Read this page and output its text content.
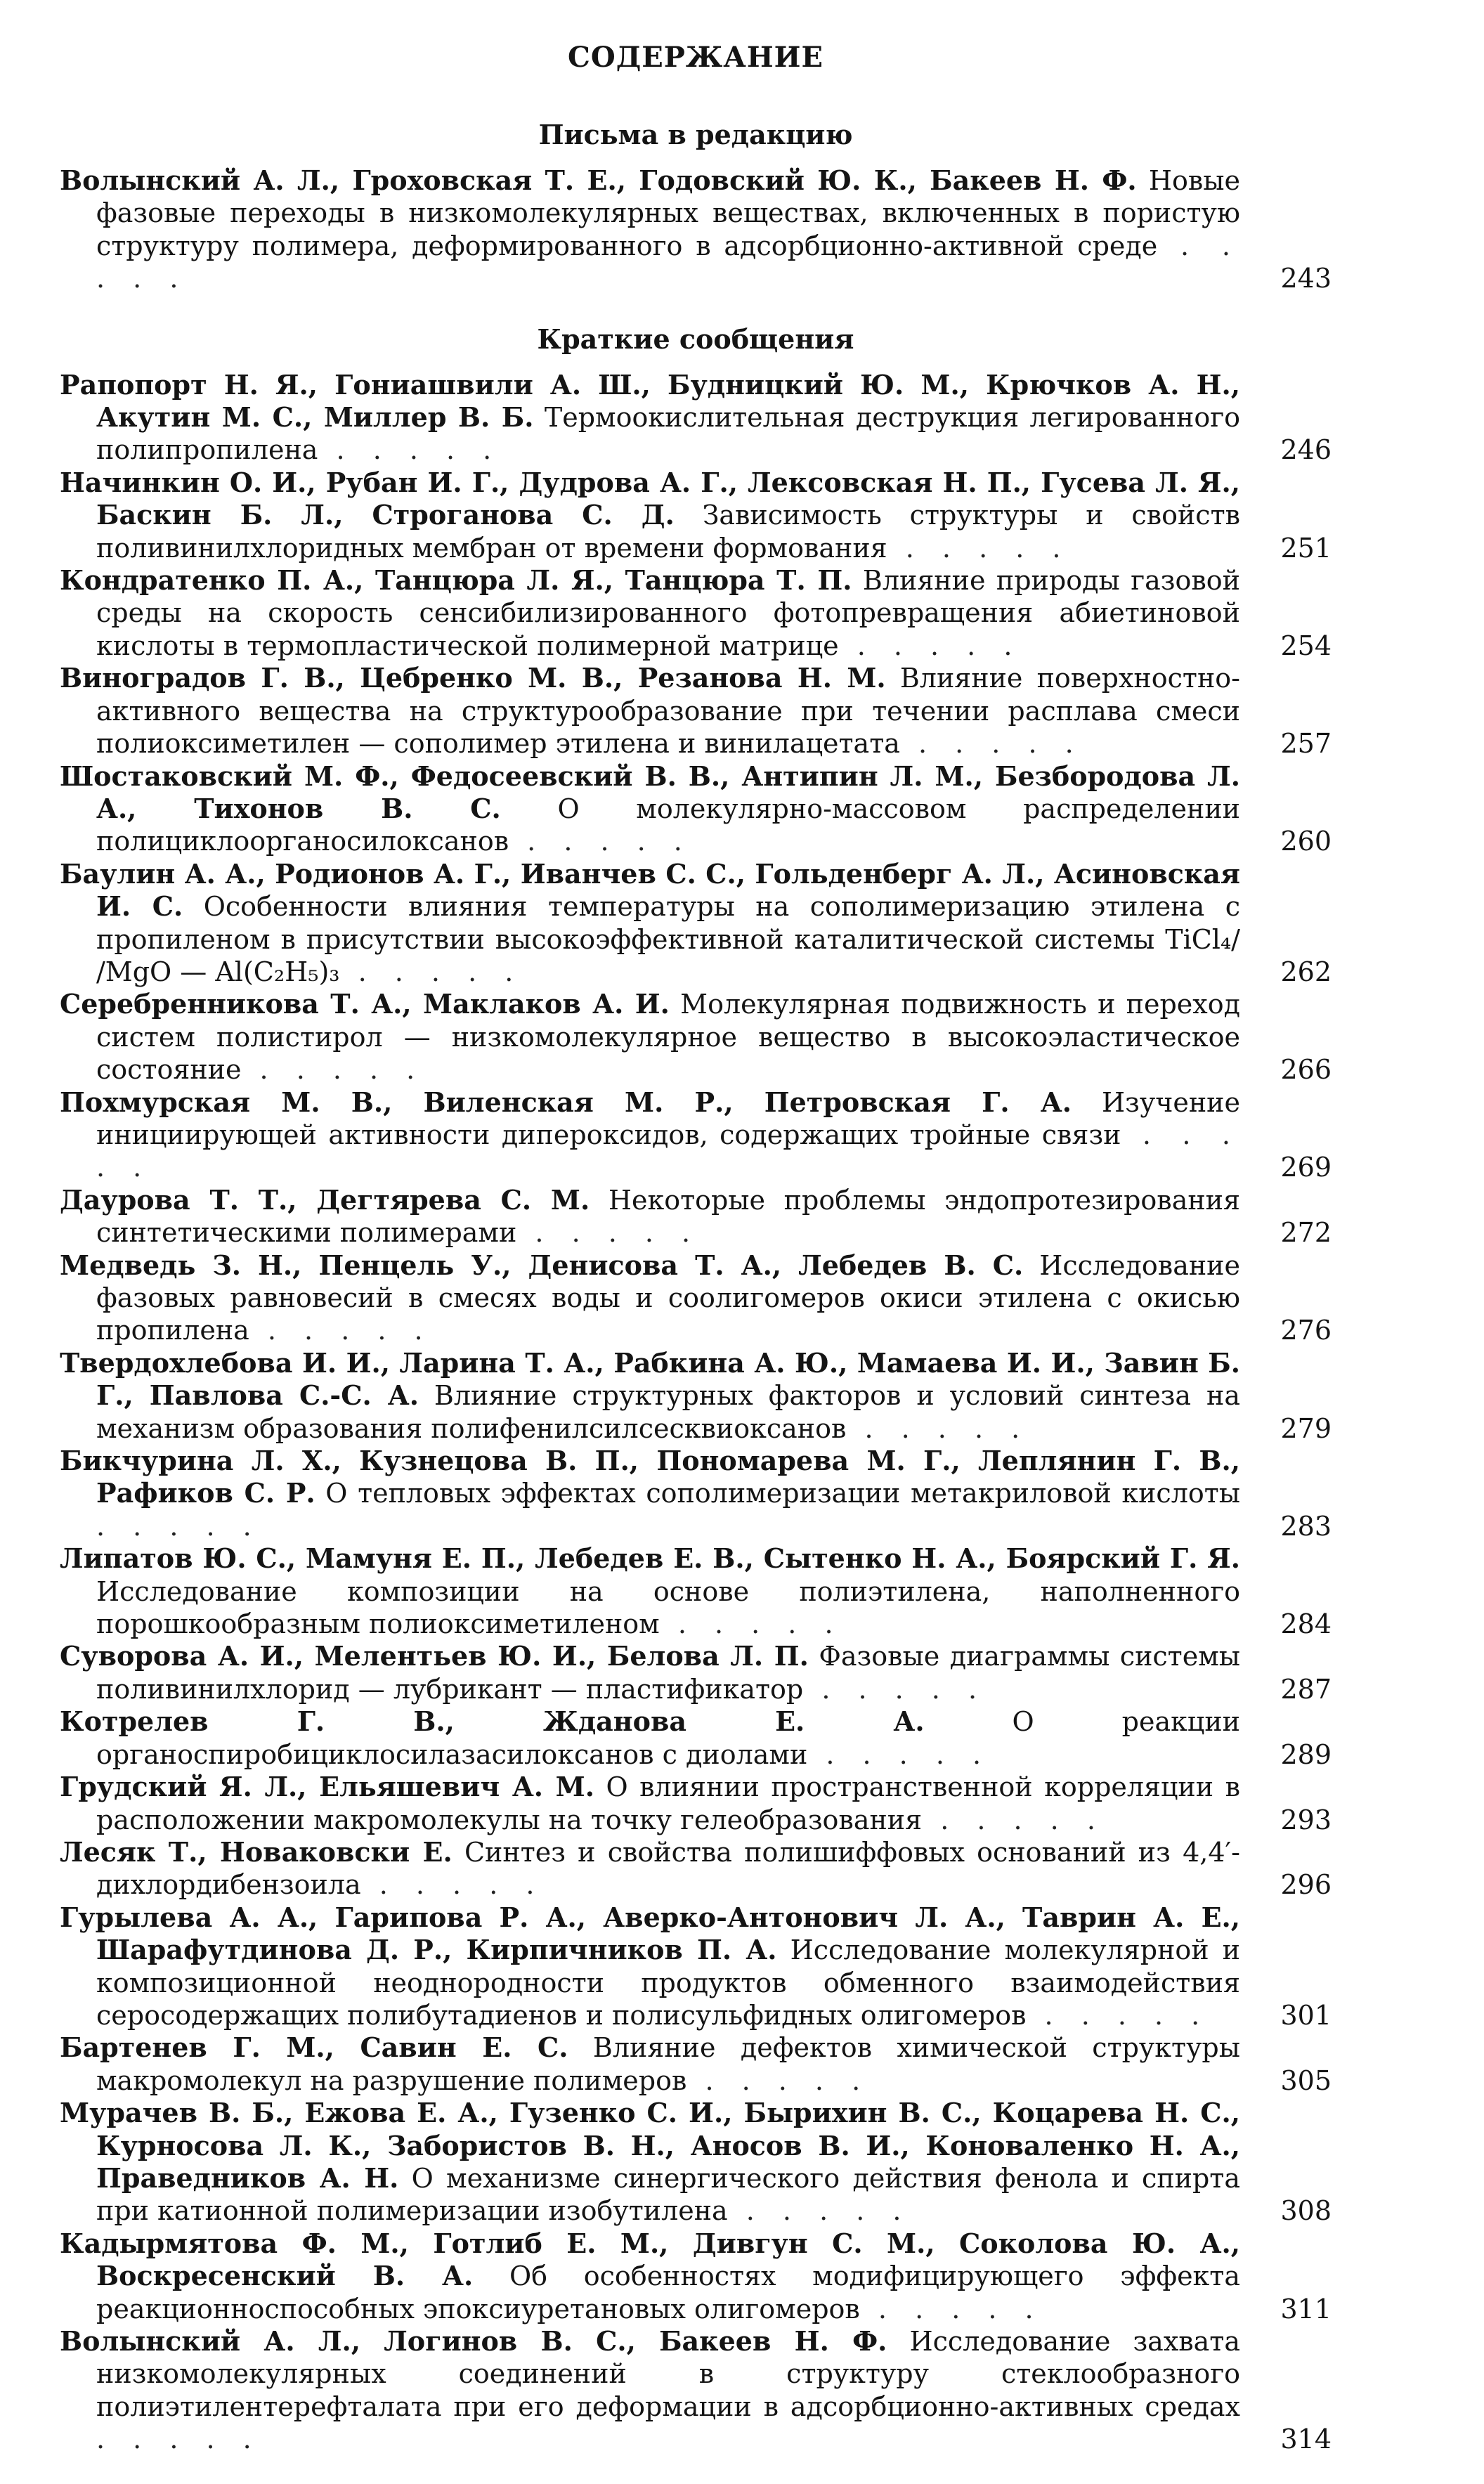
СОДЕРЖАНИЕ
Письма в редакцию

Волынский А. Л., Гроховская Т. Е., Годовский Ю. К., Бакеев Н. Ф. Новые фазовые переходы в низкомолекулярных веществах, включенных в пористую структуру полимера, деформированного в адсорбционно-активной среде . . . . .	243

Краткие сообщения

Рапопорт Н. Я., Гониашвили А. Ш., Будницкий Ю. М., Крючков А. Н., Акутин М. С., Миллер В. Б. Термоокислительная деструкция легированного полипропилена . . . . .	246

Начинкин О. И., Рубан И. Г., Дудрова А. Г., Лексовская Н. П., Гусева Л. Я., Баскин Б. Л., Строганова С. Д. Зависимость структуры и свойств поливинилхлоридных мембран от времени формования . . . . .	251

Кондратенко П. А., Танцюра Л. Я., Танцюра Т. П. Влияние природы газовой среды на скорость сенсибилизированного фотопревращения абиетиновой кислоты в термопластической полимерной матрице . . . . .	254

Виноградов Г. В., Цебренко М. В., Резанова Н. М. Влияние поверхностно-активного вещества на структурообразование при течении расплава смеси полиоксиметилен — сополимер этилена и винилацетата . . . . .	257

Шостаковский М. Ф., Федосеевский В. В., Антипин Л. М., Безбородова Л. А., Тихонов В. С. О молекулярно-массовом распределении полициклоорганосилоксанов . . . . .	260

Баулин А. А., Родионов А. Г., Иванчев С. С., Гольденберг А. Л., Асиновская И. С. Особенности влияния температуры на сополимеризацию этилена с пропиленом в присутствии высокоэффективной каталитической системы TiCl₄/ /MgO — Al(C₂H₅)₃ . . . . .	262

Серебренникова Т. А., Маклаков А. И. Молекулярная подвижность и переход систем полистирол — низкомолекулярное вещество в высокоэластическое состояние . . . . .	266

Похмурская М. В., Виленская М. Р., Петровская Г. А. Изучение инициирующей активности дипероксидов, содержащих тройные связи . . . . .	269

Даурова Т. Т., Дегтярева С. М. Некоторые проблемы эндопротезирования синтетическими полимерами . . . . .	272

Медведь З. Н., Пенцель У., Денисова Т. А., Лебедев В. С. Исследование фазовых равновесий в смесях воды и соолигомеров окиси этилена с окисью пропилена . . . . .	276

Твердохлебова И. И., Ларина Т. А., Рабкина А. Ю., Мамаева И. И., Завин Б. Г., Павлова С.-С. А. Влияние структурных факторов и условий синтеза на механизм образования полифенилсилсесквиоксанов . . . . .	279

Бикчурина Л. Х., Кузнецова В. П., Пономарева М. Г., Леплянин Г. В., Рафиков С. Р. О тепловых эффектах сополимеризации метакриловой кислоты . . . . .	283

Липатов Ю. С., Мамуня Е. П., Лебедев Е. В., Сытенко Н. А., Боярский Г. Я. Исследование композиции на основе полиэтилена, наполненного порошкообразным полиоксиметиленом . . . . .	284

Суворова А. И., Мелентьев Ю. И., Белова Л. П. Фазовые диаграммы системы поливинилхлорид — лубрикант — пластификатор . . . . .	287

Котрелев Г. В., Жданова Е. А.	О реакции органоспиробициклосилазасилоксанов с диолами . . . . .	289

Грудский Я. Л., Ельяшевич А. М. О влиянии пространственной корреляции в расположении макромолекулы на точку гелеобразования . . . . .	293

Лесяк Т., Новаковски Е. Синтез и свойства полишиффовых оснований из 4,4′-дихлордибензоила . . . . .	296

Гурылева А. А., Гарипова Р. А., Аверко-Антонович Л. А., Таврин А. Е., Шарафутдинова Д. Р., Кирпичников П. А. Исследование молекулярной и композиционной неоднородности продуктов обменного взаимодействия серосодержащих полибутадиенов и полисульфидных олигомеров . . . . .	301

Бартенев Г. М., Савин Е. С. Влияние дефектов химической структуры макромолекул на разрушение полимеров . . . . .	305

Мурачев В. Б., Ежова Е. А., Гузенко С. И., Бырихин В. С., Коцарева Н. С., Курносова Л. К., Забористов В. Н., Аносов В. И., Коноваленко Н. А., Праведников А. Н. О механизме синергического действия фенола и спирта при катионной полимеризации изобутилена . . . . .	308

Кадырмятова Ф. М., Готлиб Е. М., Дивгун С. М., Соколова Ю. А., Воскресенский В. А. Об особенностях модифицирующего эффекта реакционноспособных эпоксиуретановых олигомеров . . . . .	311

Волынский А. Л., Логинов В. С., Бакеев Н. Ф. Исследование захвата низкомолекулярных соединений в структуру стеклообразного полиэтилентерефталата при его деформации в адсорбционно-активных средах . . . . .	314
